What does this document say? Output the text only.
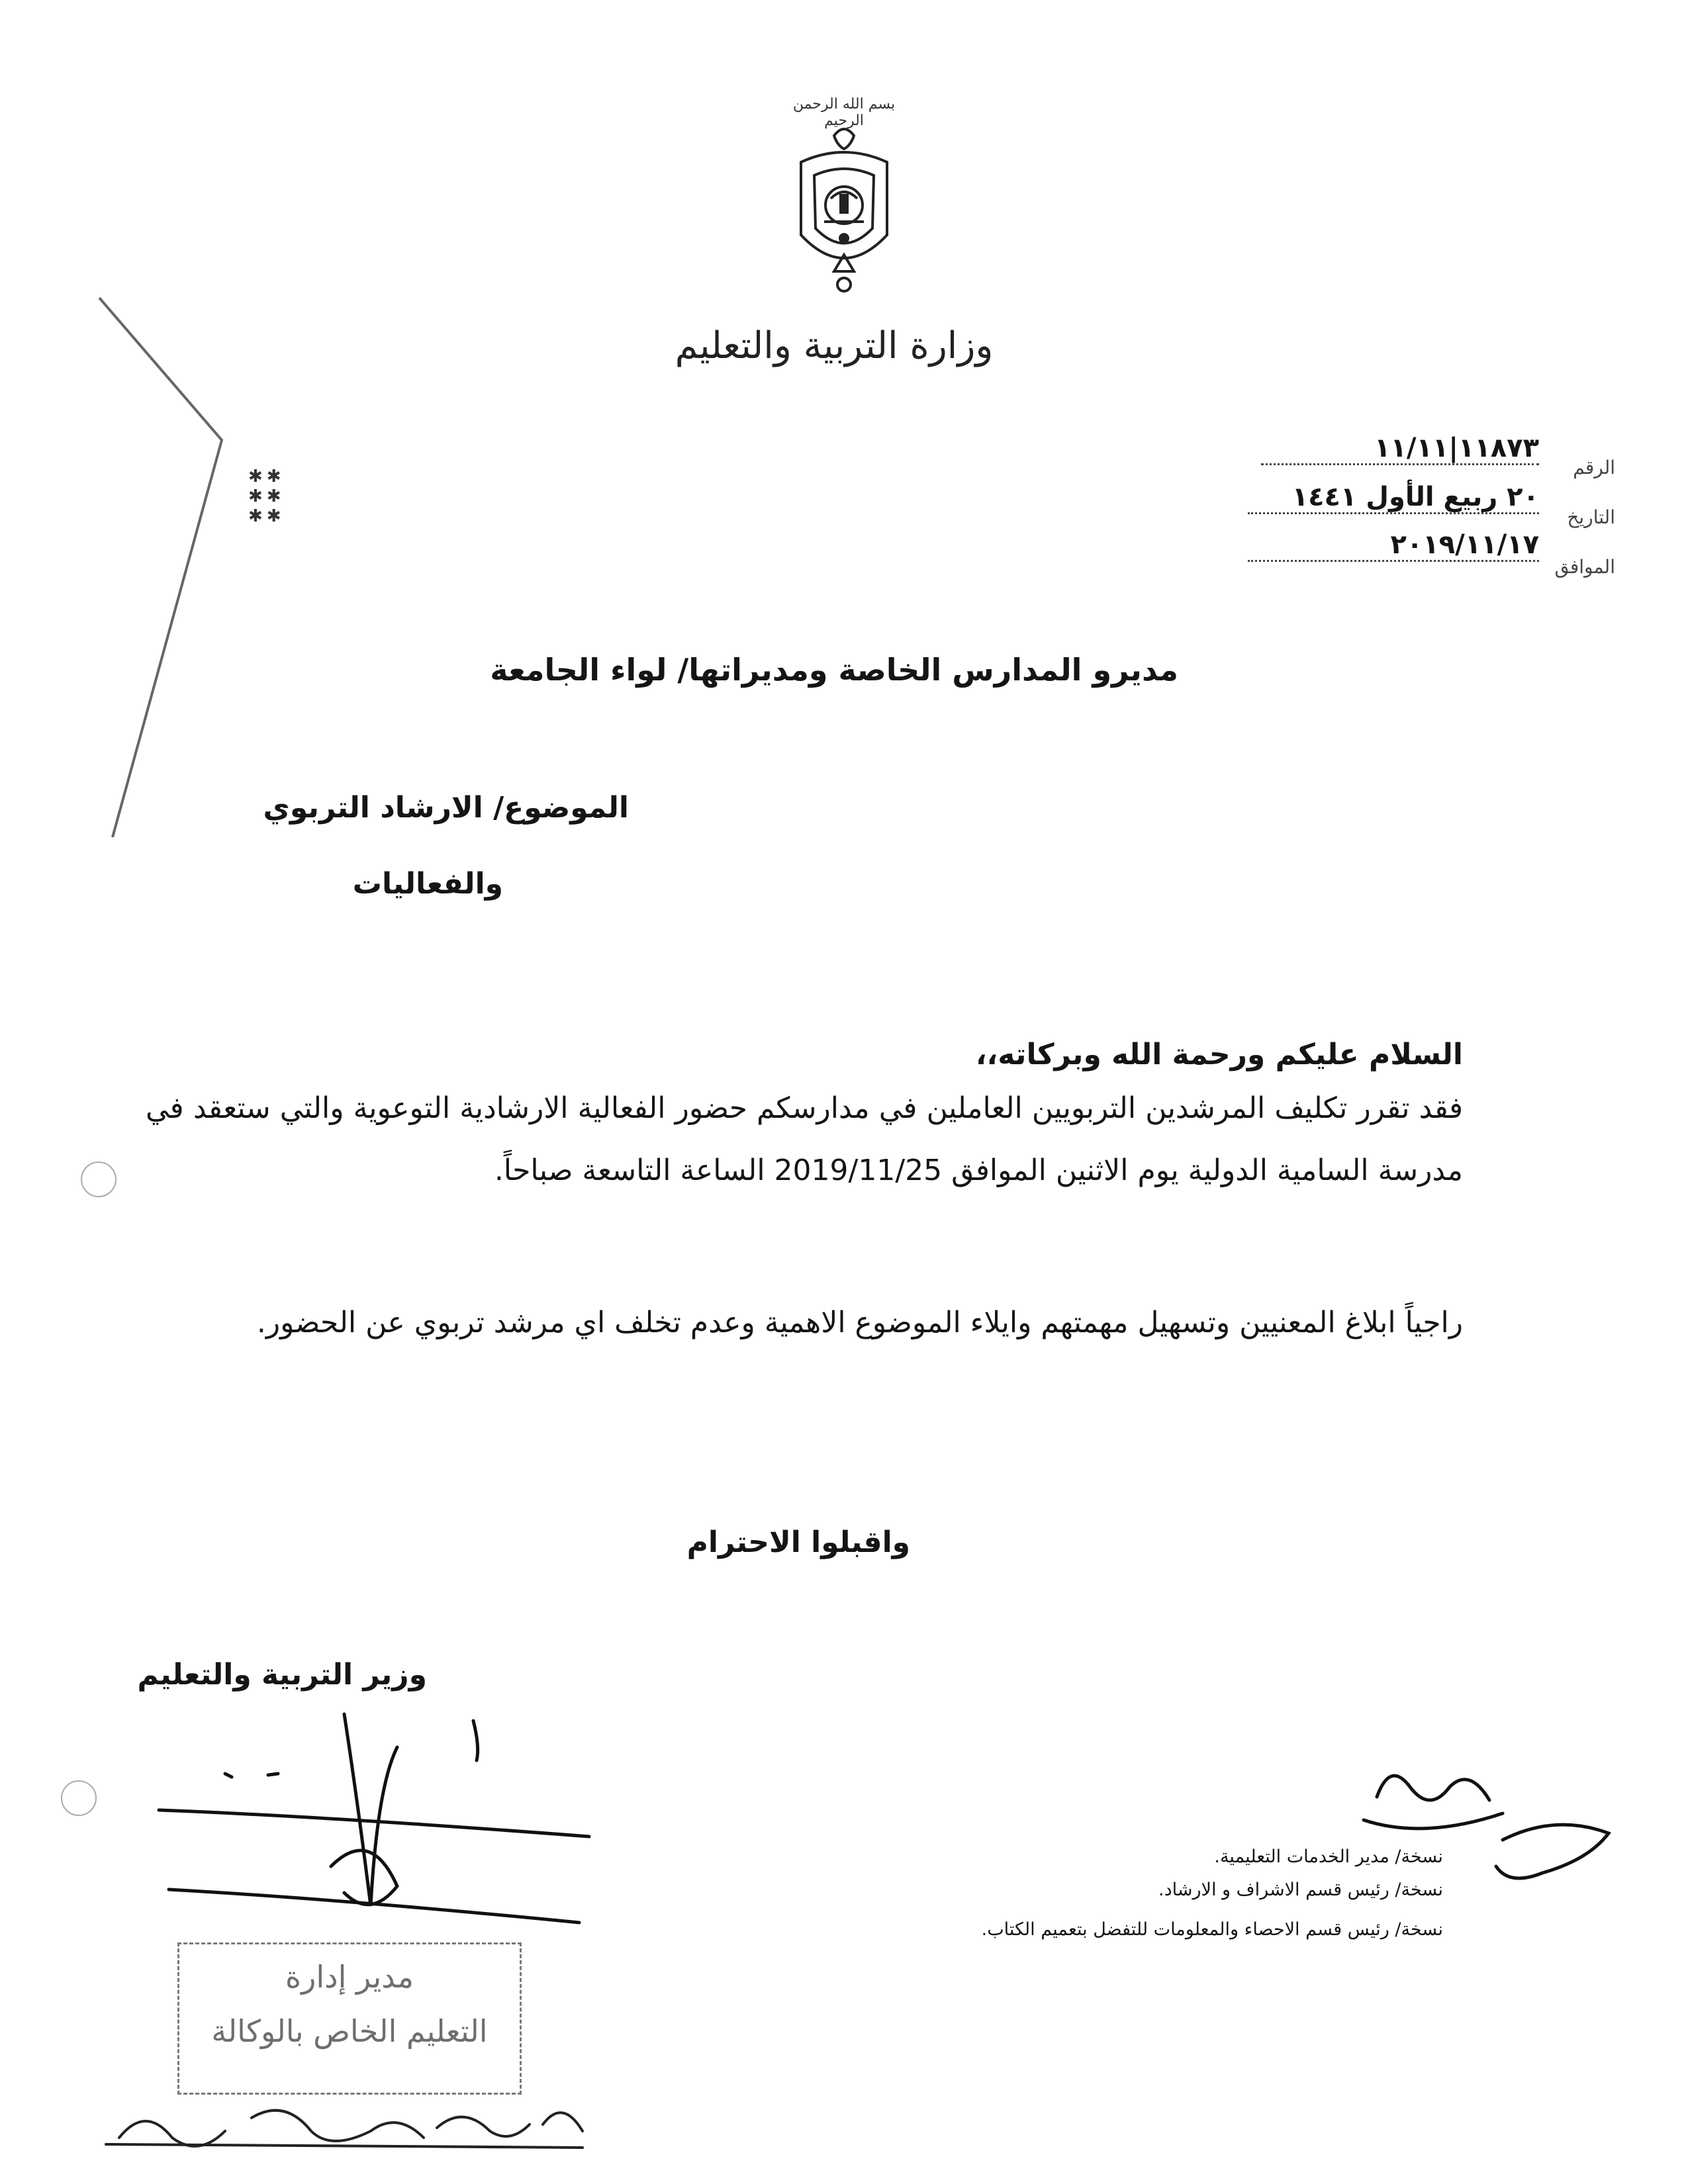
بسم الله الرحمن الرحيم
وزارة التربية والتعليم
✱✱
✱✱
✱✱
الرقم
١١٨٧٣|١١/١١
التاريخ
٢٠ ربيع الأول ١٤٤١
الموافق
٢٠١٩/١١/١٧
مديرو المدارس الخاصة ومديراتها/ لواء الجامعة
الموضوع/ الارشاد التربوي
والفعاليات
السلام عليكم ورحمة الله وبركاته،،
فقد تقرر تكليف المرشدين التربويين العاملين في مدارسكم حضور الفعالية الارشادية التوعوية والتي ستعقد في مدرسة السامية الدولية يوم الاثنين الموافق 2019/11/25 الساعة التاسعة صباحاً.
راجياً ابلاغ المعنيين وتسهيل مهمتهم وايلاء الموضوع الاهمية وعدم تخلف اي مرشد تربوي عن الحضور.
واقبلوا الاحترام
وزير التربية والتعليم
نسخة/ مدير الخدمات التعليمية.
نسخة/ رئيس قسم الاشراف و الارشاد.
نسخة/ رئيس قسم الاحصاء والمعلومات للتفضل بتعميم الكتاب.
مدير إدارة
التعليم الخاص بالوكالة
